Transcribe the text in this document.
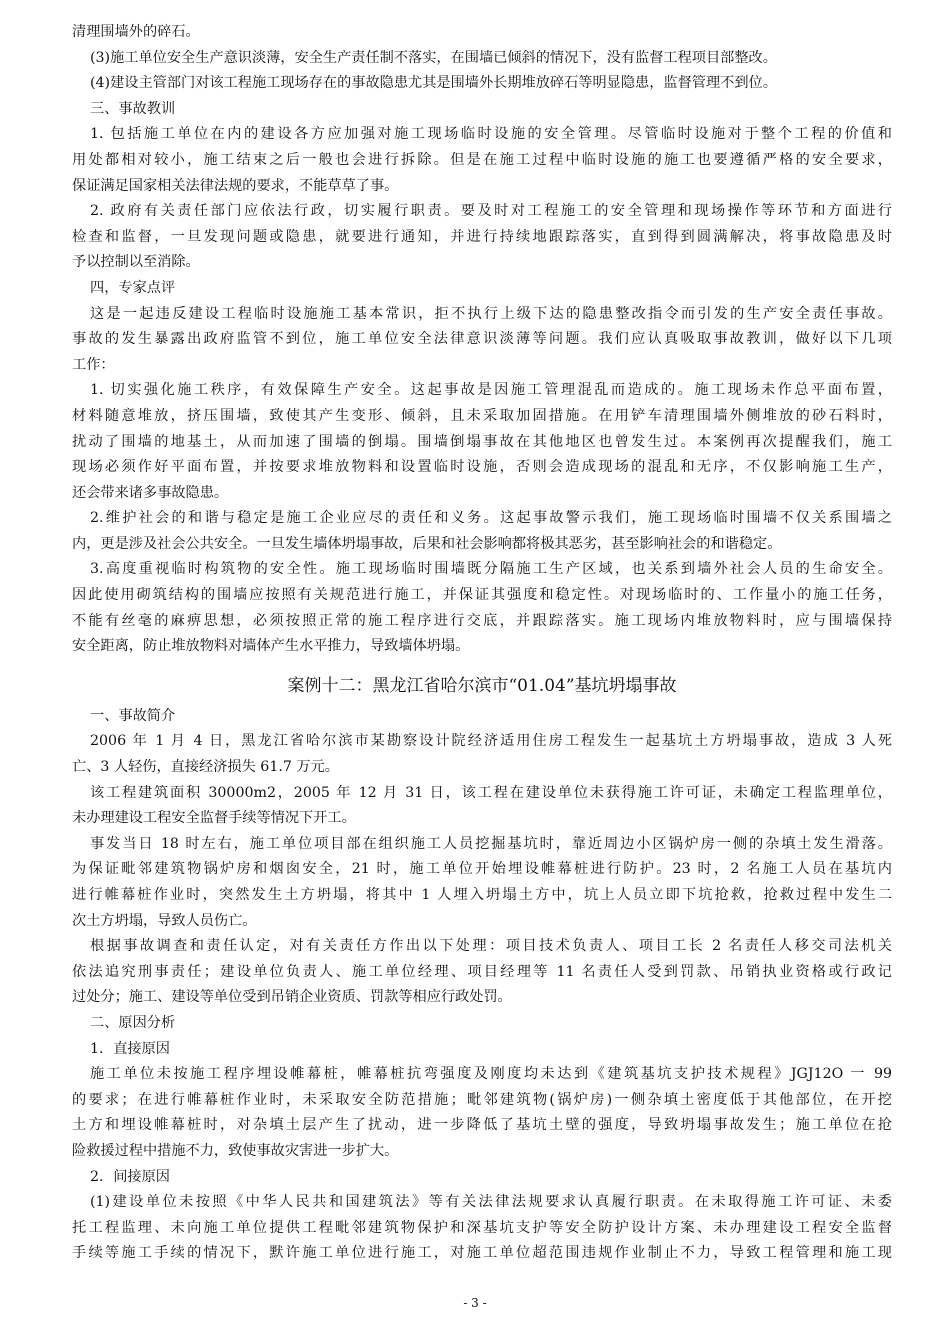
清理围墙外的碎石。
(3)施工单位安全生产意识淡薄，安全生产责任制不落实，在围墙已倾斜的情况下，没有监督工程项目部整改。
(4)建设主管部门对该工程施工现场存在的事故隐患尤其是围墙外长期堆放碎石等明显隐患，监督管理不到位。
三、事故教训
1. 包括施工单位在内的建设各方应加强对施工现场临时设施的安全管理。尽管临时设施对于整个工程的价值和
用处都相对较小，施工结束之后一般也会进行拆除。但是在施工过程中临时设施的施工也要遵循严格的安全要求，
保证满足国家相关法律法规的要求，不能草草了事。
2. 政府有关责任部门应依法行政，切实履行职责。要及时对工程施工的安全管理和现场操作等环节和方面进行
检查和监督，一旦发现问题或隐患，就要进行通知，并进行持续地跟踪落实，直到得到圆满解决，将事故隐患及时
予以控制以至消除。
四，专家点评
这是一起违反建设工程临时设施施工基本常识，拒不执行上级下达的隐患整改指令而引发的生产安全责任事故。
事故的发生暴露出政府监管不到位，施工单位安全法律意识淡薄等问题。我们应认真吸取事故教训，做好以下几项
工作：
1. 切实强化施工秩序，有效保障生产安全。这起事故是因施工管理混乱而造成的。施工现场未作总平面布置，
材料随意堆放，挤压围墙，致使其产生变形、倾斜，且未采取加固措施。在用铲车清理围墙外侧堆放的砂石料时，
扰动了围墙的地基土，从而加速了围墙的倒塌。围墙倒塌事故在其他地区也曾发生过。本案例再次提醒我们，施工
现场必须作好平面布置，并按要求堆放物料和设置临时设施，否则会造成现场的混乱和无序，不仅影响施工生产，
还会带来诸多事故隐患。
2.维护社会的和谐与稳定是施工企业应尽的责任和义务。这起事故警示我们，施工现场临时围墙不仅关系围墙之
内，更是涉及社会公共安全。一旦发生墙体坍塌事故，后果和社会影响都将极其恶劣，甚至影响社会的和谐稳定。
3.高度重视临时构筑物的安全性。施工现场临时围墙既分隔施工生产区域，也关系到墙外社会人员的生命安全。
因此使用砌筑结构的围墙应按照有关规范进行施工，并保证其强度和稳定性。对现场临时的、工作量小的施工任务，
不能有丝毫的麻痹思想，必须按照正常的施工程序进行交底，并跟踪落实。施工现场内堆放物料时，应与围墙保持
安全距离，防止堆放物料对墙体产生水平推力，导致墙体坍塌。
案例十二：黑龙江省哈尔滨市“01.04”基坑坍塌事故
一、事故简介
2006 年 1 月 4 日，黑龙江省哈尔滨市某勘察设计院经济适用住房工程发生一起基坑土方坍塌事故，造成 3 人死
亡、3 人轻伤，直接经济损失 61.7 万元。
该工程建筑面积 30000m2，2005 年 12 月 31 日，该工程在建设单位未获得施工许可证，未确定工程监理单位，
未办理建设工程安全监督手续等情况下开工。
事发当日 18 时左右，施工单位项目部在组织施工人员挖掘基坑时，靠近周边小区锅炉房一侧的杂填土发生滑落。
为保证毗邻建筑物锅炉房和烟囱安全，21 时，施工单位开始埋设帷幕桩进行防护。23 时，2 名施工人员在基坑内
进行帷幕桩作业时，突然发生土方坍塌，将其中 1 人埋入坍塌土方中，坑上人员立即下坑抢救，抢救过程中发生二
次土方坍塌，导致人员伤亡。
根据事故调查和责任认定，对有关责任方作出以下处理：项目技术负责人、项目工长 2 名责任人移交司法机关
依法追究刑事责任；建设单位负责人、施工单位经理、项目经理等 11 名责任人受到罚款、吊销执业资格或行政记
过处分；施工、建设等单位受到吊销企业资质、罚款等相应行政处罚。
二、原因分析
1．直接原因
施工单位未按施工程序埋设帷幕桩，帷幕桩抗弯强度及刚度均未达到《建筑基坑支护技术规程》JGJ12O 一 99
的要求；在进行帷幕桩作业时，未采取安全防范措施；毗邻建筑物(锅炉房)一侧杂填土密度低于其他部位，在开挖
土方和埋设帷幕桩时，对杂填土层产生了扰动，进一步降低了基坑土壁的强度，导致坍塌事故发生；施工单位在抢
险救援过程中措施不力，致使事故灾害进一步扩大。
2．间接原因
(1)建设单位未按照《中华人民共和国建筑法》等有关法律法规要求认真履行职责。在未取得施工许可证、未委
托工程监理、未向施工单位提供工程毗邻建筑物保护和深基坑支护等安全防护设计方案、未办理建设工程安全监督
手续等施工手续的情况下，默许施工单位进行施工，对施工单位超范围违规作业制止不力，导致工程管理和施工现
- 3 -
